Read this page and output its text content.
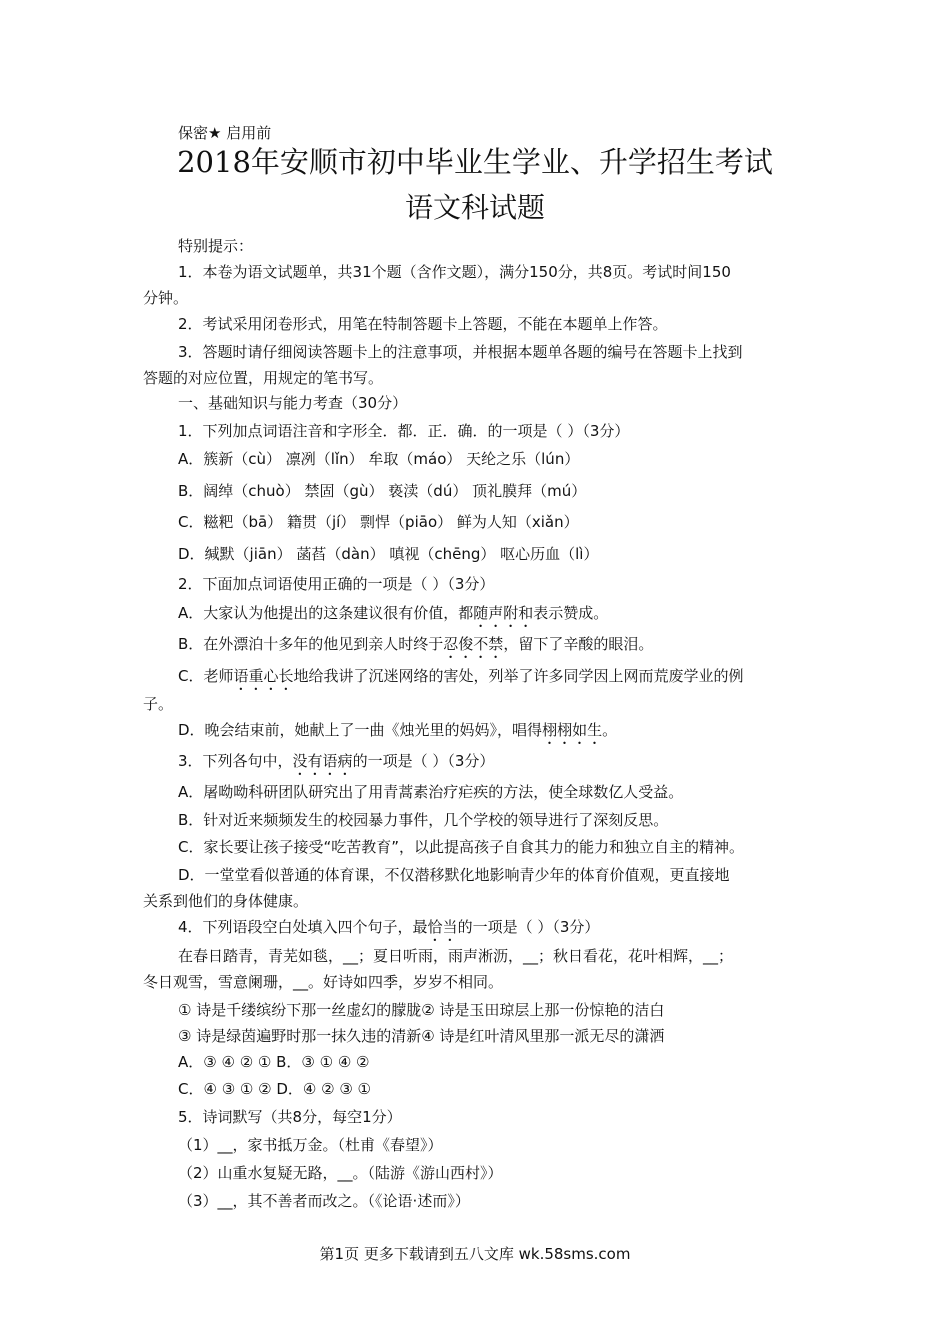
保密★ 启用前
2018年安顺市初中毕业生学业、升学招生考试
语文科试题
特别提示：
1．本卷为语文试题单，共31个题（含作文题），满分150分，共8页。考试时间150
分钟。
2．考试采用闭卷形式，用笔在特制答题卡上答题，不能在本题单上作答。
3．答题时请仔细阅读答题卡上的注意事项，并根据本题单各题的编号在答题卡上找到
答题的对应位置，用规定的笔书写。
一、基础知识与能力考查（30分）
1．下列加点词语注音和字形全．都．正．确．的一项是（ ）（3分）
A．簇新（cù） 凛冽（lǐn） 牟取（máo） 天纶之乐（lún）
B．阔绰（chuò） 禁固（gù） 亵渎（dú） 顶礼膜拜（mú）
C．糍粑（bā） 籍贯（jí） 剽悍（piāo） 鲜为人知（xiǎn）
D．缄默（jiān） 菡萏（dàn） 嗔视（chēng） 呕心历血（lì）
2．下面加点词语使用正确的一项是（ ）（3分）
A．大家认为他提出的这条建议很有价值，都随声附和表示赞成。
B．在外漂泊十多年的他见到亲人时终于忍俊不禁，留下了辛酸的眼泪。
C．老师语重心长地给我讲了沉迷网络的害处，列举了许多同学因上网而荒废学业的例
子。
D．晚会结束前，她献上了一曲《烛光里的妈妈》，唱得栩栩如生。
3．下列各句中，没有语病的一项是（ ）（3分）
A．屠呦呦科研团队研究出了用青蒿素治疗疟疾的方法，使全球数亿人受益。
B．针对近来频频发生的校园暴力事件，几个学校的领导进行了深刻反思。
C．家长要让孩子接受“吃苦教育”，以此提高孩子自食其力的能力和独立自主的精神。
D．一堂堂看似普通的体育课，不仅潜移默化地影响青少年的体育价值观，更直接地
关系到他们的身体健康。
4．下列语段空白处填入四个句子，最恰当的一项是（ ）（3分）
在春日踏青，青芜如毯，__；夏日听雨，雨声淅沥，__；秋日看花，花叶相辉，__；
冬日观雪，雪意阑珊，__。好诗如四季，岁岁不相同。
① 诗是千缕缤纷下那一丝虚幻的朦胧② 诗是玉田琼层上那一份惊艳的洁白
③ 诗是绿茵遍野时那一抹久违的清新④ 诗是红叶清风里那一派无尽的潇洒
A．③ ④ ② ① B．③ ① ④ ②
C．④ ③ ① ② D．④ ② ③ ①
5．诗词默写（共8分，每空1分）
（1）__，家书抵万金。（杜甫《春望》）
（2）山重水复疑无路，__。（陆游《游山西村》）
（3）__，其不善者而改之。（《论语·述而》）
第1页 更多下载请到五八文库 wk.58sms.com
